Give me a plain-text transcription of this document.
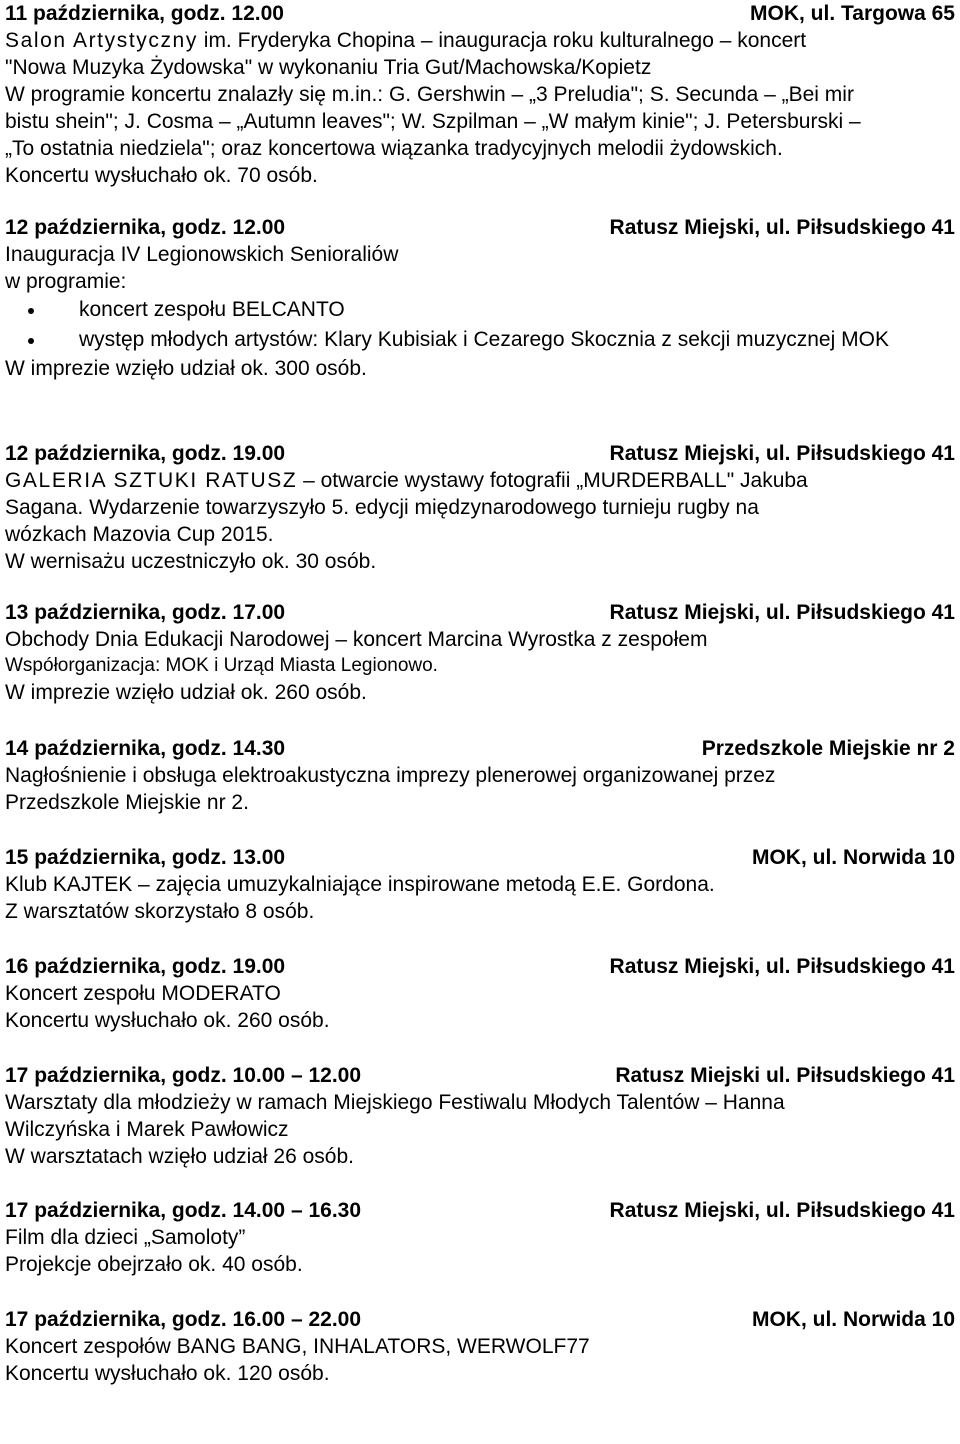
11 października, godz. 12.00	MOK, ul. Targowa 65
Salon Artystyczny im. Fryderyka Chopina – inauguracja roku kulturalnego – koncert
"Nowa Muzyka Żydowska" w wykonaniu Tria Gut/Machowska/Kopietz
W programie koncertu znalazły się m.in.: G. Gershwin – „3 Preludia"; S. Secunda – „Bei mir
bistu shein"; J. Cosma – „Autumn leaves"; W. Szpilman – „W małym kinie"; J. Petersburski –
„To ostatnia niedziela"; oraz koncertowa wiązanka tradycyjnych melodii żydowskich.
Koncertu wysłuchało ok. 70 osób.
12 października, godz. 12.00	Ratusz Miejski, ul. Piłsudskiego 41
Inauguracja IV Legionowskich Senioraliów
w programie:
koncert zespołu BELCANTO
występ młodych artystów: Klary Kubisiak i Cezarego Skocznia z sekcji muzycznej MOK
W imprezie wzięło udział ok. 300 osób.
12 października, godz. 19.00	Ratusz Miejski, ul. Piłsudskiego 41
GALERIA SZTUKI RATUSZ – otwarcie wystawy fotografii „MURDERBALL" Jakuba
Sagana. Wydarzenie towarzyszyło 5. edycji międzynarodowego turnieju rugby na
wózkach Mazovia Cup 2015.
W wernisażu uczestniczyło ok. 30 osób.
13 października, godz. 17.00	Ratusz Miejski, ul. Piłsudskiego 41
Obchody Dnia Edukacji Narodowej – koncert Marcina Wyrostka z zespołem
Współorganizacja: MOK i Urząd Miasta Legionowo.
W imprezie wzięło udział ok. 260 osób.
14 października, godz. 14.30	Przedszkole Miejskie nr 2
Nagłośnienie i obsługa elektroakustyczna imprezy plenerowej organizowanej przez
Przedszkole Miejskie nr 2.
15 października, godz. 13.00	MOK, ul. Norwida 10
Klub KAJTEK – zajęcia umuzykalniające inspirowane metodą E.E. Gordona.
Z warsztatów skorzystało 8 osób.
16 października, godz. 19.00	Ratusz Miejski, ul. Piłsudskiego 41
Koncert zespołu MODERATO
Koncertu wysłuchało ok. 260 osób.
17 października, godz. 10.00 – 12.00	Ratusz Miejski ul. Piłsudskiego 41
Warsztaty dla młodzieży w ramach Miejskiego Festiwalu Młodych Talentów – Hanna
Wilczyńska i Marek Pawłowicz
W warsztatach wzięło udział 26 osób.
17 października, godz. 14.00 – 16.30	Ratusz Miejski, ul. Piłsudskiego 41
Film dla dzieci „Samoloty”
Projekcje obejrzało ok. 40 osób.
17 października, godz. 16.00 – 22.00	MOK, ul. Norwida 10
Koncert zespołów BANG BANG, INHALATORS, WERWOLF77
Koncertu wysłuchało ok. 120 osób.
